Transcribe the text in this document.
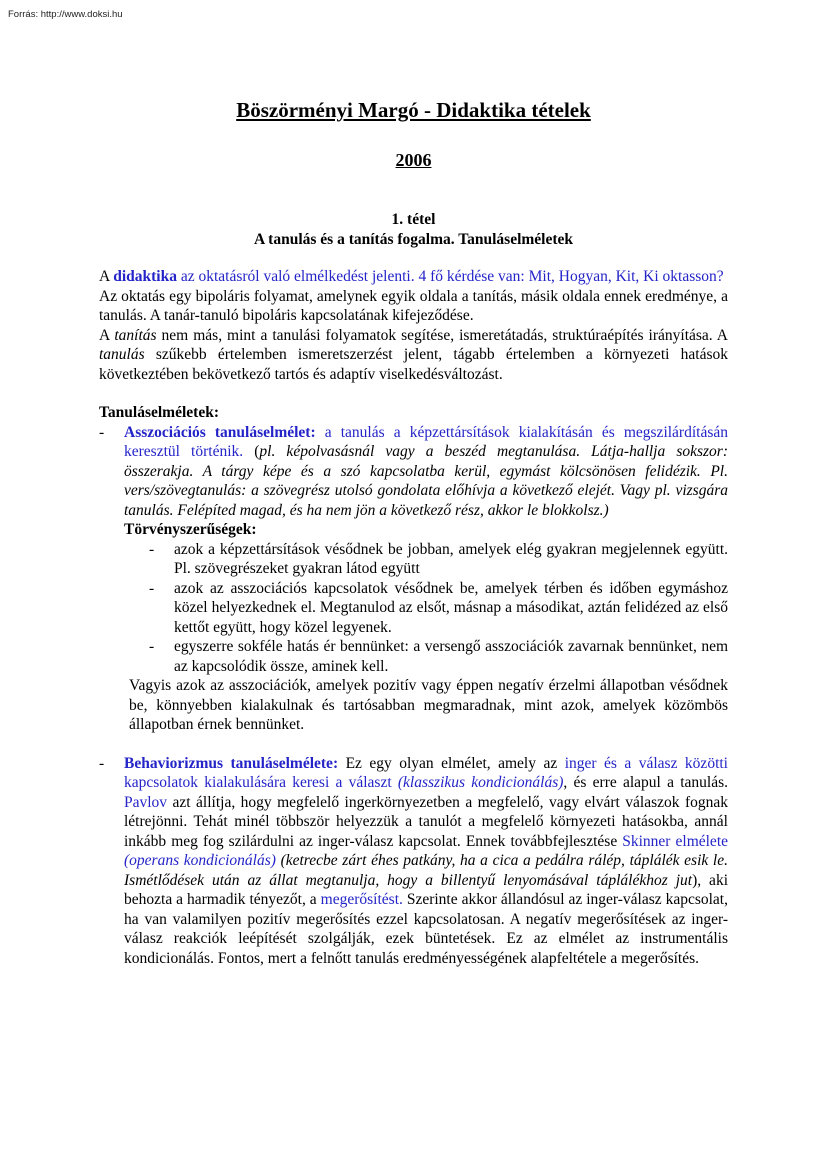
Forrás: http://www.doksi.hu
Böszörményi Margó - Didaktika tételek
2006
1. tétel
A tanulás és a tanítás fogalma. Tanuláselméletek

A didaktika az oktatásról való elmélkedést jelenti. 4 fő kérdése van: Mit, Hogyan, Kit, Ki oktasson?

Az oktatás egy bipoláris folyamat, amelynek egyik oldala a tanítás, másik oldala ennek eredménye, a tanulás. A tanár-tanuló bipoláris kapcsolatának kifejeződése.

A tanítás nem más, mint a tanulási folyamatok segítése, ismeretátadás, struktúraépítés irányítása. A tanulás szűkebb értelemben ismeretszerzést jelent, tágabb értelemben a környezeti hatások következtében bekövetkező tartós és adaptív viselkedésváltozást.

Tanuláselméletek:
- Asszociációs tanuláselmélet: a tanulás a képzettársítások kialakításán és megszilárdításán keresztül történik. (pl. képolvasásnál vagy a beszéd megtanulása. Látja-hallja sokszor: összerakja. A tárgy képe és a szó kapcsolatba kerül, egymást kölcsönösen felidézik. Pl. vers/szövegtanulás: a szövegrész utolsó gondolata előhívja a következő elejét. Vagy pl. vizsgára tanulás. Felépíted magad, és ha nem jön a következő rész, akkor le blokkolsz.)

Törvényszerűségek:
- azok a képzettársítások vésődnek be jobban, amelyek elég gyakran megjelennek együtt. Pl. szövegrészeket gyakran látod együtt
- azok az asszociációs kapcsolatok vésődnek be, amelyek térben és időben egymáshoz közel helyezkednek el. Megtanulod az elsőt, másnap a másodikat, aztán felidézed az első kettőt együtt, hogy közel legyenek.
- egyszerre sokféle hatás ér bennünket: a versengő asszociációk zavarnak bennünket, nem az kapcsolódik össze, aminek kell.

Vagyis azok az asszociációk, amelyek pozitív vagy éppen negatív érzelmi állapotban vésődnek be, könnyebben kialakulnak és tartósabban megmaradnak, mint azok, amelyek közömbös állapotban érnek bennünket.

- Behaviorizmus tanuláselmélete: Ez egy olyan elmélet, amely az inger és a válasz közötti kapcsolatok kialakulására keresi a választ (klasszikus kondicionálás), és erre alapul a tanulás. Pavlov azt állítja, hogy megfelelő ingerkörnyezetben a megfelelő, vagy elvárt válaszok fognak létrejönni. Tehát minél többször helyezzük a tanulót a megfelelő környezeti hatásokba, annál inkább meg fog szilárdulni az inger-válasz kapcsolat. Ennek továbbfejlesztése Skinner elmélete (operans kondicionálás) (ketrecbe zárt éhes patkány, ha a cica a pedálra rálép, táplálék esik le. Ismétlődések után az állat megtanulja, hogy a billentyű lenyomásával táplálékhoz jut), aki behozta a harmadik tényezőt, a megerősítést. Szerinte akkor állandósul az inger-válasz kapcsolat, ha van valamilyen pozitív megerősítés ezzel kapcsolatosan. A negatív megerősítések az inger-válasz reakciók leépítését szolgálják, ezek büntetések. Ez az elmélet az instrumentális kondicionálás. Fontos, mert a felnőtt tanulás eredményességének alapfeltétele a megerősítés.
